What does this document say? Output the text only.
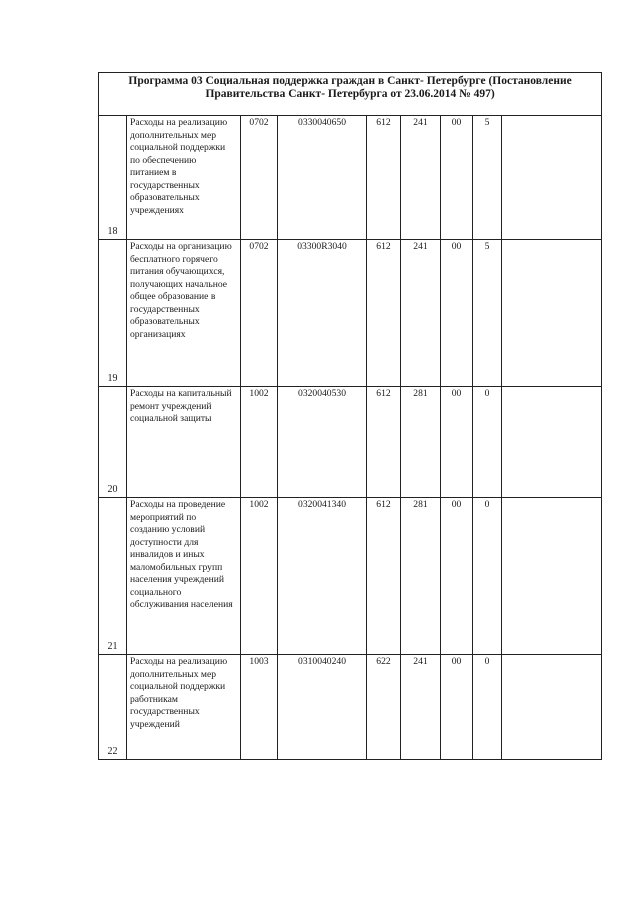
Программа 03 Социальная поддержка граждан в Санкт- Петербурге (Постановление Правительства Санкт- Петербурга от 23.06.2014 № 497)								
18	Расходы на реализацию дополнительных мер социальной поддержки по обеспечению питанием в государственных образовательных учреждениях	0702	0330040650	612	241	00	5	
19	Расходы на организацию бесплатного горячего питания обучающихся, получающих начальное общее образование в государственных образовательных организациях	0702	03300R3040	612	241	00	5	
20	Расходы на капитальный ремонт учреждений социальной защиты	1002	0320040530	612	281	00	0	
21	Расходы на проведение мероприятий по созданию условий доступности для инвалидов и иных маломобильных групп населения учреждений социального обслуживания населения	1002	0320041340	612	281	00	0	
22	Расходы на реализацию дополнительных мер социальной поддержки работникам государственных учреждений	1003	0310040240	622	241	00	0	
